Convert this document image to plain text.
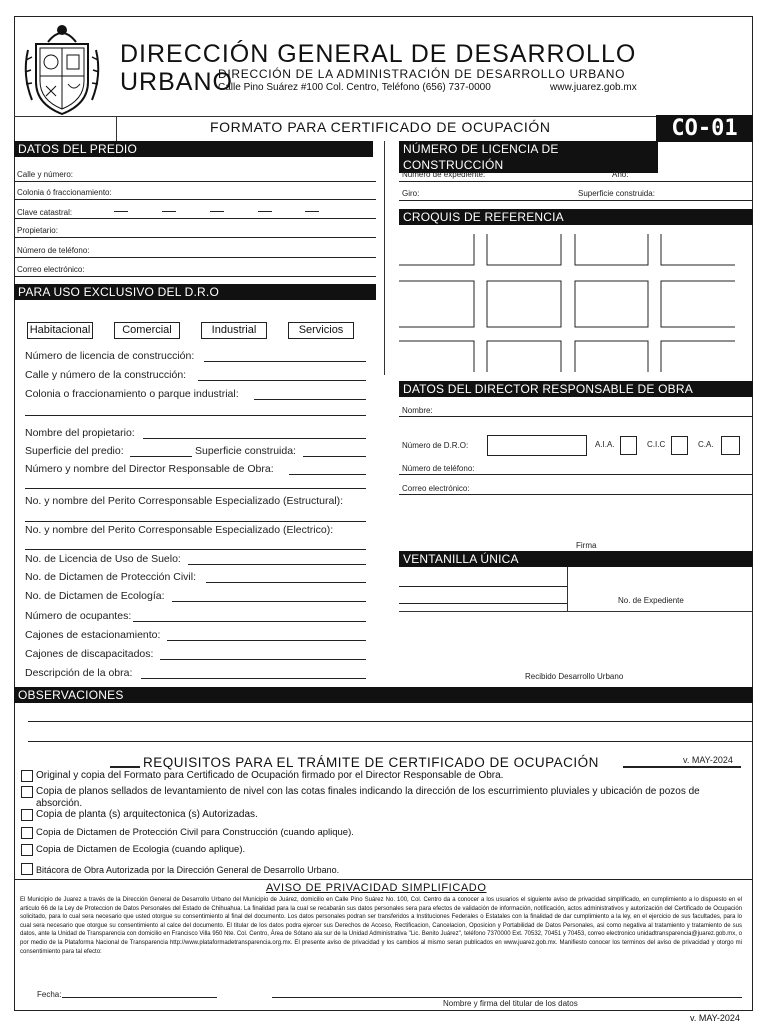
DIRECCIÓN GENERAL DE DESARROLLO URBANO
DIRECCIÓN DE LA ADMINISTRACIÓN DE DESARROLLO URBANO
Calle Pino Suárez #100 Col. Centro, Teléfono (656) 737-0000	www.juarez.gob.mx
FORMATO PARA CERTIFICADO DE OCUPACIÓN	CO-01
DATOS DEL PREDIO
Calle y número:
Colonia ó fraccionamiento:
Clave catastral:
Propietario:
Número de teléfono:
Correo electrónico:
NÚMERO DE LICENCIA DE CONSTRUCCIÓN
Número de expediente:	Año:
Giro:	Superficie construida:
CROQUIS DE REFERENCIA
PARA USO EXCLUSIVO DEL D.R.O
Habitacional	Comercial	Industrial	Servicios
Número de licencia de construcción:
Calle y número de la construcción:
Colonia o fraccionamiento o parque industrial:
Nombre del propietario:
Superficie del predio:	Superficie construida:
Número y nombre del Director Responsable de Obra:
No. y nombre del Perito Corresponsable Especializado (Estructural):
No. y nombre del Perito Corresponsable Especializado (Electrico):
No. de Licencia de Uso de Suelo:
No. de Dictamen de Protección Civil:
No. de Dictamen de Ecología:
Número de ocupantes:
Cajones de estacionamiento:
Cajones de discapacitados:
Descripción de la obra:
DATOS DEL DIRECTOR RESPONSABLE DE OBRA
Nombre:
Número de D.R.O:	A.I.A.	C.I.C	C.A.
Número de teléfono:
Correo electrónico:
Firma
VENTANILLA ÚNICA
No. de Expediente
Recibido Desarrollo Urbano
OBSERVACIONES
REQUISITOS PARA EL TRÁMITE DE CERTIFICADO DE OCUPACIÓN	v. MAY-2024
Original y copia del Formato para Certificado de Ocupación firmado por el Director Responsable de Obra.
Copia de planos sellados de levantamiento de nivel con las cotas finales indicando la dirección de los escurrimiento pluviales y ubicación de pozos de absorción.
Copia de planta (s) arquitectonica (s) Autorizadas.
Copia de Dictamen de Protección Civil para Construcción (cuando aplique).
Copia de Dictamen de Ecologia (cuando aplique).
Bitácora de Obra Autorizada por la Dirección General de Desarrollo Urbano.
AVISO DE PRIVACIDAD SIMPLIFICADO
El Municipio de Juarez a través de la Dirección General de Desarrollo Urbano del Municipio de Juárez, domicilio en Calle Pino Suárez No. 100, Col. Centro da a conocer a los usuarios el siguiente aviso de privacidad simplificado, en cumplimiento a lo dispuesto en el articulo 66 de la Ley de Proteccion de Datos Personales del Estado de Chihuahua. La finalidad para la cual se recabarán sus datos personales sera para efectos de validación de información, notificación, actos administrativos y autorización del Certificado de Ocupación solicitado, para lo cual sera necesario que usted otorgue su consentimiento al final del documento. Los datos personales podran ser transferidos a Instituciones Federales o Estatales con la finalidad de dar cumplimiento a la ley, en el ejercicio de sus facultades, para lo cual sera necesario que otorgue su consentimiento al calce del documento. El titular de los datos podra ejercer sus Derechos de Acceso, Rectificacion, Cancelacion, Oposicion y Portabilidad de Datos Personales, asi como negativa al tratamiento y tratamiento de sus datos, ante la Unidad de Transparencia con domicilio en Francisco Villa 950 Nte. Col. Centro, Área de Sótano ala sur de la Unidad Administrativa "Lic. Benito Juárez", teléfono 7370000 Ext. 70532, 70451 y 70453, correo electronico unidadtransparencia@juarez.gob.mx, o por medio de la Plataforma Nacional de Transparencia http://www.plataformadetransparencia.org.mx. El presente aviso de privacidad y los cambios al mismo seran publicados en www.juarez.gob.mx. Manifiesto conocer los terminos del aviso de privacidad y otorgo mi consentimiento para tal efecto:
Fecha:
Nombre y firma del titular de los datos
v. MAY-2024
